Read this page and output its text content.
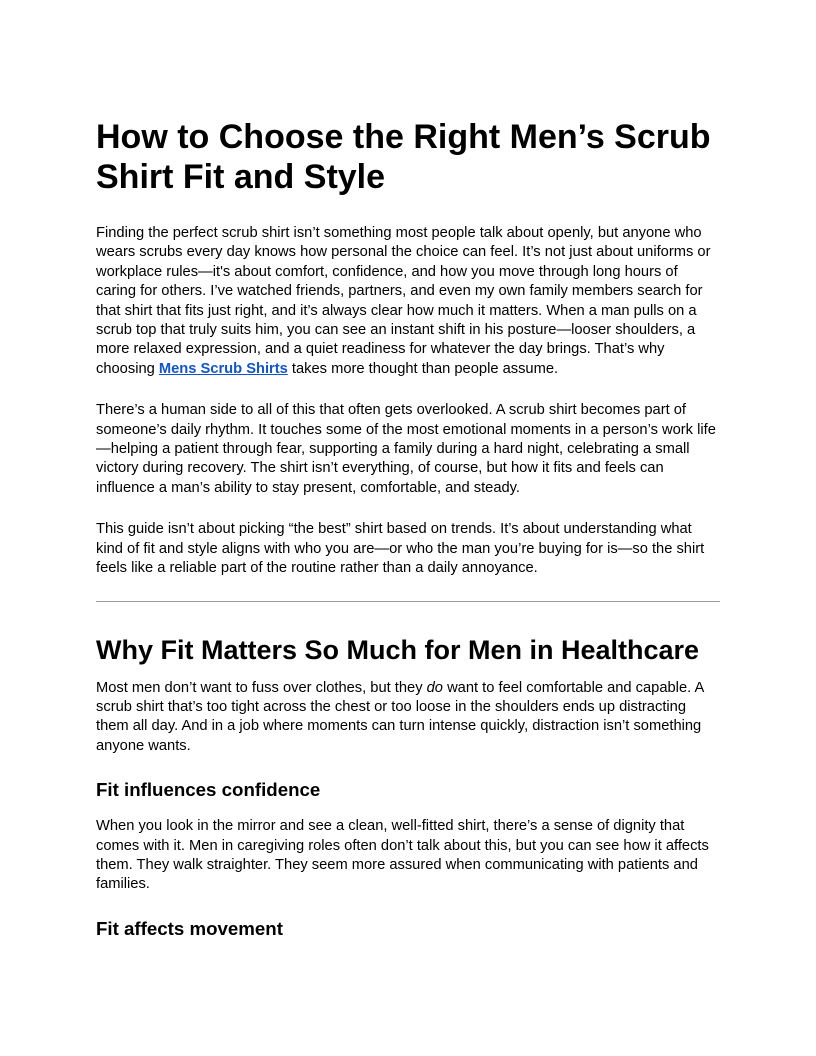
How to Choose the Right Men’s Scrub Shirt Fit and Style

Finding the perfect scrub shirt isn’t something most people talk about openly, but anyone who wears scrubs every day knows how personal the choice can feel. It’s not just about uniforms or workplace rules—it's about comfort, confidence, and how you move through long hours of caring for others. I’ve watched friends, partners, and even my own family members search for that shirt that fits just right, and it’s always clear how much it matters. When a man pulls on a scrub top that truly suits him, you can see an instant shift in his posture—looser shoulders, a more relaxed expression, and a quiet readiness for whatever the day brings. That’s why choosing Mens Scrub Shirts takes more thought than people assume.

There’s a human side to all of this that often gets overlooked. A scrub shirt becomes part of someone’s daily rhythm. It touches some of the most emotional moments in a person’s work life—helping a patient through fear, supporting a family during a hard night, celebrating a small victory during recovery. The shirt isn’t everything, of course, but how it fits and feels can influence a man’s ability to stay present, comfortable, and steady.

This guide isn’t about picking “the best” shirt based on trends. It’s about understanding what kind of fit and style aligns with who you are—or who the man you’re buying for is—so the shirt feels like a reliable part of the routine rather than a daily annoyance.

Why Fit Matters So Much for Men in Healthcare

Most men don’t want to fuss over clothes, but they do want to feel comfortable and capable. A scrub shirt that’s too tight across the chest or too loose in the shoulders ends up distracting them all day. And in a job where moments can turn intense quickly, distraction isn’t something anyone wants.

Fit influences confidence

When you look in the mirror and see a clean, well-fitted shirt, there’s a sense of dignity that comes with it. Men in caregiving roles often don’t talk about this, but you can see how it affects them. They walk straighter. They seem more assured when communicating with patients and families.

Fit affects movement
